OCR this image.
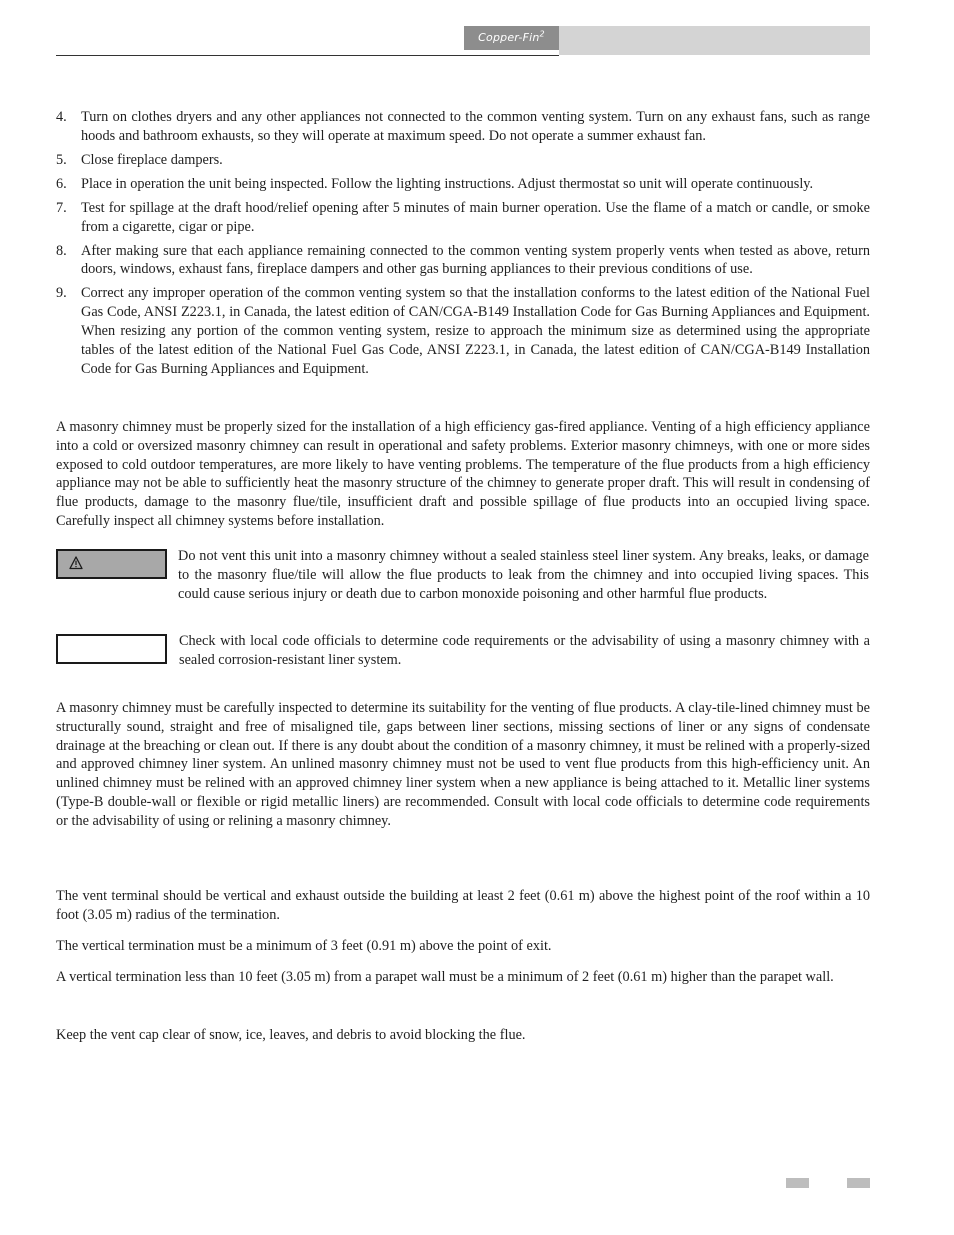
Copper-Fin$^2$
4. Turn on clothes dryers and any other appliances not connected to the common venting system. Turn on any exhaust fans, such as range hoods and bathroom exhausts, so they will operate at maximum speed. Do not operate a summer exhaust fan.
5. Close fireplace dampers.
6. Place in operation the unit being inspected. Follow the lighting instructions. Adjust thermostat so unit will operate continuously.
7. Test for spillage at the draft hood/relief opening after 5 minutes of main burner operation. Use the flame of a match or candle, or smoke from a cigarette, cigar or pipe.
8. After making sure that each appliance remaining connected to the common venting system properly vents when tested as above, return doors, windows, exhaust fans, fireplace dampers and other gas burning appliances to their previous conditions of use.
9. Correct any improper operation of the common venting system so that the installation conforms to the latest edition of the National Fuel Gas Code, ANSI Z223.1, in Canada, the latest edition of CAN/CGA-B149 Installation Code for Gas Burning Appliances and Equipment. When resizing any portion of the common venting system, resize to approach the minimum size as determined using the appropriate tables of the latest edition of the National Fuel Gas Code, ANSI Z223.1, in Canada, the latest edition of CAN/CGA-B149 Installation Code for Gas Burning Appliances and Equipment.

A masonry chimney must be properly sized for the installation of a high efficiency gas-fired appliance. Venting of a high efficiency appliance into a cold or oversized masonry chimney can result in operational and safety problems. Exterior masonry chimneys, with one or more sides exposed to cold outdoor temperatures, are more likely to have venting problems. The temperature of the flue products from a high efficiency appliance may not be able to sufficiently heat the masonry structure of the chimney to generate proper draft. This will result in condensing of flue products, damage to the masonry flue/tile, insufficient draft and possible spillage of flue products into an occupied living space. Carefully inspect all chimney systems before installation.

Do not vent this unit into a masonry chimney without a sealed stainless steel liner system. Any breaks, leaks, or damage to the masonry flue/tile will allow the flue products to leak from the chimney and into occupied living spaces. This could cause serious injury or death due to carbon monoxide poisoning and other harmful flue products.

Check with local code officials to determine code requirements or the advisability of using a masonry chimney with a sealed corrosion-resistant liner system.

A masonry chimney must be carefully inspected to determine its suitability for the venting of flue products. A clay-tile-lined chimney must be structurally sound, straight and free of misaligned tile, gaps between liner sections, missing sections of liner or any signs of condensate drainage at the breaching or clean out. If there is any doubt about the condition of a masonry chimney, it must be relined with a properly-sized and approved chimney liner system. An unlined masonry chimney must not be used to vent flue products from this high-efficiency unit. An unlined chimney must be relined with an approved chimney liner system when a new appliance is being attached to it. Metallic liner systems (Type-B double-wall or flexible or rigid metallic liners) are recommended. Consult with local code officials to determine code requirements or the advisability of using or relining a masonry chimney.

The vent terminal should be vertical and exhaust outside the building at least 2 feet (0.61 m) above the highest point of the roof within a 10 foot (3.05 m) radius of the termination.

The vertical termination must be a minimum of 3 feet (0.91 m) above the point of exit.

A vertical termination less than 10 feet (3.05 m) from a parapet wall must be a minimum of 2 feet (0.61 m) higher than the parapet wall.

Keep the vent cap clear of snow, ice, leaves, and debris to avoid blocking the flue.
